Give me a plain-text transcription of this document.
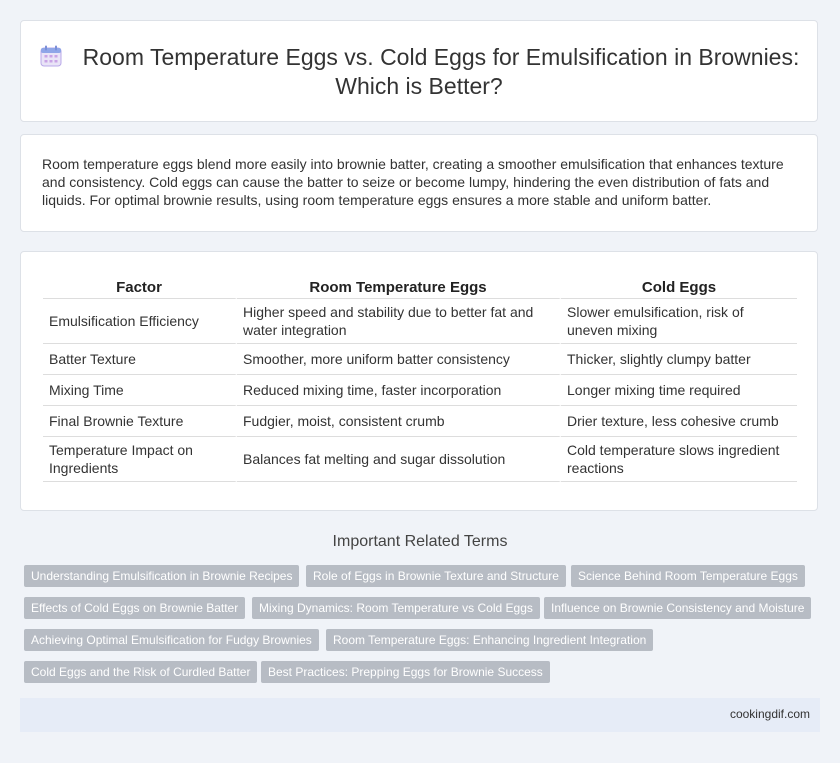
Room Temperature Eggs vs. Cold Eggs for Emulsification in Brownies: Which is Better?
Room temperature eggs blend more easily into brownie batter, creating a smoother emulsification that enhances texture and consistency. Cold eggs can cause the batter to seize or become lumpy, hindering the even distribution of fats and liquids. For optimal brownie results, using room temperature eggs ensures a more stable and uniform batter.
Factor	Room Temperature Eggs	Cold Eggs
Emulsification Efficiency	Higher speed and stability due to better fat and water integration	Slower emulsification, risk of uneven mixing
Batter Texture	Smoother, more uniform batter consistency	Thicker, slightly clumpy batter
Mixing Time	Reduced mixing time, faster incorporation	Longer mixing time required
Final Brownie Texture	Fudgier, moist, consistent crumb	Drier texture, less cohesive crumb
Temperature Impact on Ingredients	Balances fat melting and sugar dissolution	Cold temperature slows ingredient reactions
Important Related Terms
Understanding Emulsification in Brownie Recipes	Role of Eggs in Brownie Texture and Structure	Science Behind Room Temperature Eggs
Effects of Cold Eggs on Brownie Batter	Mixing Dynamics: Room Temperature vs Cold Eggs	Influence on Brownie Consistency and Moisture
Achieving Optimal Emulsification for Fudgy Brownies	Room Temperature Eggs: Enhancing Ingredient Integration
Cold Eggs and the Risk of Curdled Batter	Best Practices: Prepping Eggs for Brownie Success
cookingdif.com
